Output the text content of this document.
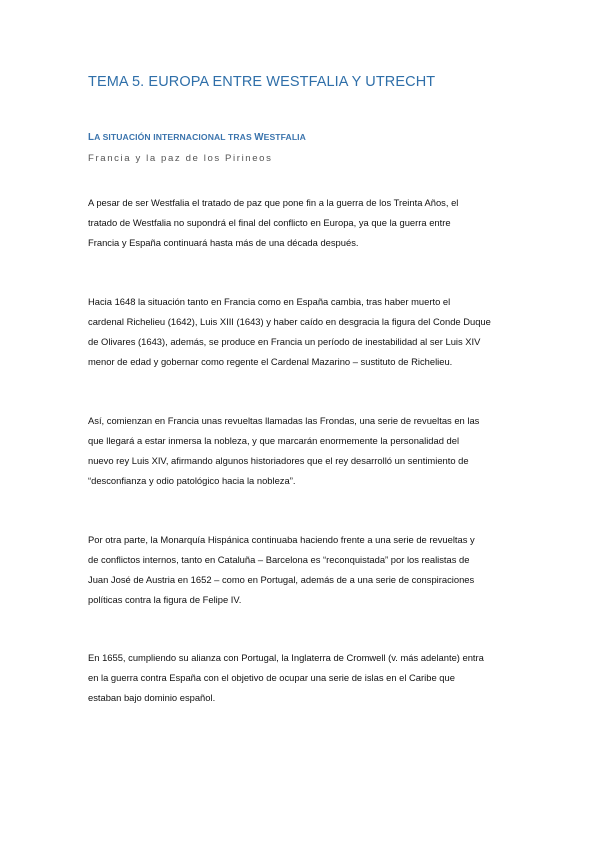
TEMA 5. EUROPA ENTRE WESTFALIA Y UTRECHT
LA SITUACIÓN INTERNACIONAL TRAS WESTFALIA
Francia y la paz de los Pirineos
A pesar de ser Westfalia el tratado de paz que pone fin a la guerra de los Treinta Años, el
tratado de Westfalia no supondrá el final del conflicto en Europa, ya que la guerra entre
Francia y España continuará hasta más de una década después.
Hacia 1648 la situación tanto en Francia como en España cambia, tras haber muerto el
cardenal Richelieu (1642), Luis XIII (1643) y haber caído en desgracia la figura del Conde Duque
de Olivares (1643), además, se produce en Francia un período de inestabilidad al ser Luis XIV
menor de edad y gobernar como regente el Cardenal Mazarino – sustituto de Richelieu.
Así, comienzan en Francia unas revueltas llamadas las Frondas, una serie de revueltas en las
que llegará a estar inmersa la nobleza, y que marcarán enormemente la personalidad del
nuevo rey Luis XIV, afirmando algunos historiadores que el rey desarrolló un sentimiento de
“desconfianza y odio patológico hacia la nobleza”.
Por otra parte, la Monarquía Hispánica continuaba haciendo frente a una serie de revueltas y
de conflictos internos, tanto en Cataluña – Barcelona es “reconquistada” por los realistas de
Juan José de Austria en 1652 – como en Portugal, además de a una serie de conspiraciones
políticas contra la figura de Felipe IV.
En 1655, cumpliendo su alianza con Portugal, la Inglaterra de Cromwell (v. más adelante) entra
en la guerra contra España con el objetivo de ocupar una serie de islas en el Caribe que
estaban bajo dominio español.
